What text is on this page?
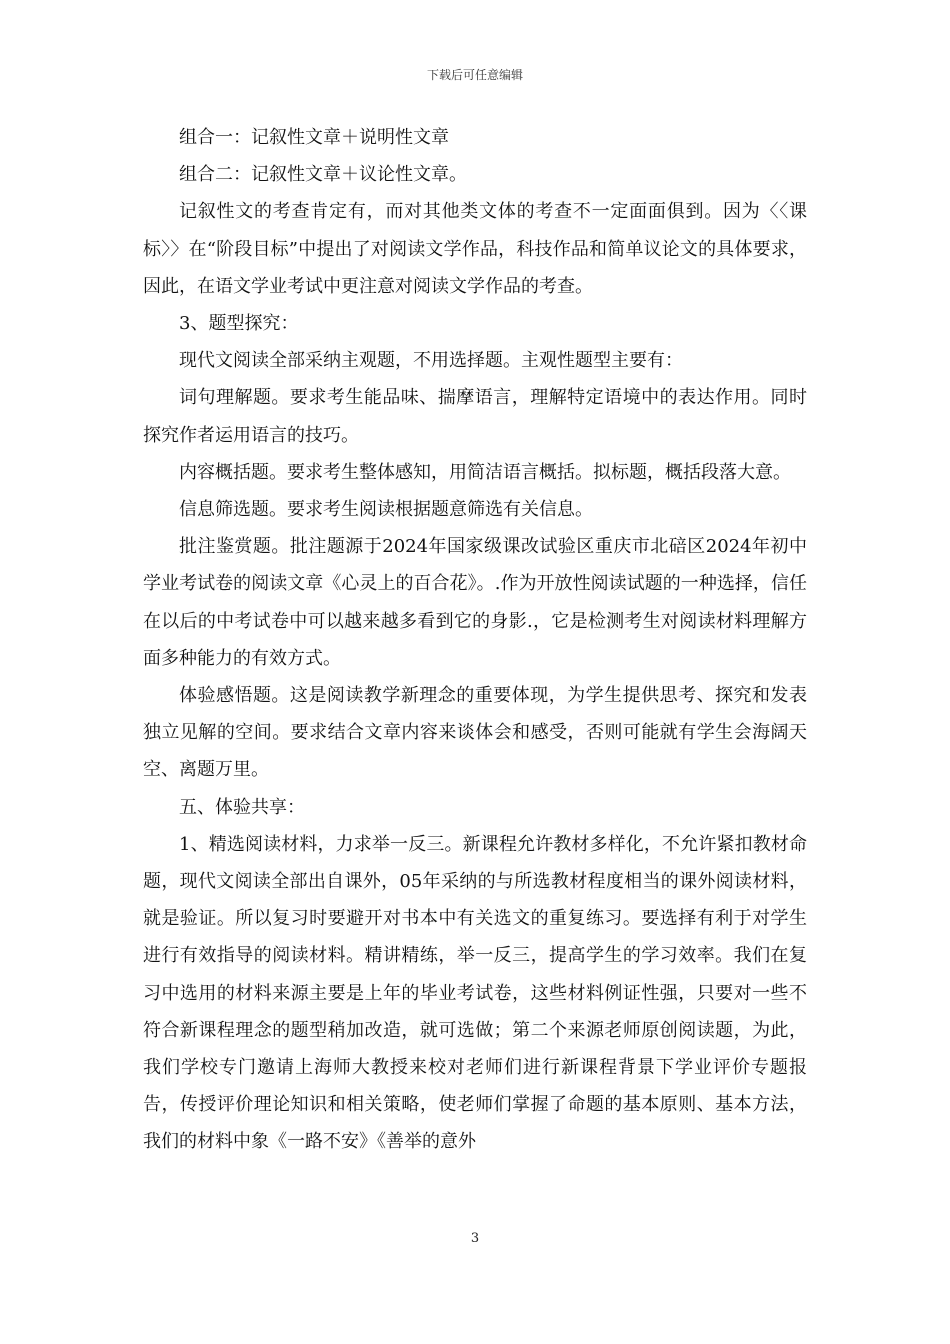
下载后可任意编辑

组合一：记叙性文章＋说明性文章

组合二：记叙性文章＋议论性文章。

记叙性文的考查肯定有，而对其他类文体的考查不一定面面俱到。因为〈〈课标〉〉在“阶段目标”中提出了对阅读文学作品，科技作品和简单议论文的具体要求，因此，在语文学业考试中更注意对阅读文学作品的考查。

3、题型探究：

现代文阅读全部采纳主观题，不用选择题。主观性题型主要有：

词句理解题。要求考生能品味、揣摩语言，理解特定语境中的表达作用。同时探究作者运用语言的技巧。

内容概括题。要求考生整体感知，用简洁语言概括。拟标题，概括段落大意。

信息筛选题。要求考生阅读根据题意筛选有关信息。

批注鉴赏题。批注题源于2024年国家级课改试验区重庆市北碚区2024年初中学业考试卷的阅读文章《心灵上的百合花》。.作为开放性阅读试题的一种选择，信任在以后的中考试卷中可以越来越多看到它的身影.，它是检测考生对阅读材料理解方面多种能力的有效方式。

体验感悟题。这是阅读教学新理念的重要体现，为学生提供思考、探究和发表独立见解的空间。要求结合文章内容来谈体会和感受，否则可能就有学生会海阔天空、离题万里。

五、体验共享：

1、精选阅读材料，力求举一反三。新课程允许教材多样化，不允许紧扣教材命题，现代文阅读全部出自课外，05年采纳的与所选教材程度相当的课外阅读材料，就是验证。所以复习时要避开对书本中有关选文的重复练习。要选择有利于对学生进行有效指导的阅读材料。精讲精练，举一反三，提高学生的学习效率。我们在复习中选用的材料来源主要是上年的毕业考试卷，这些材料例证性强，只要对一些不符合新课程理念的题型稍加改造，就可选做；第二个来源老师原创阅读题，为此，我们学校专门邀请上海师大教授来校对老师们进行新课程背景下学业评价专题报告，传授评价理论知识和相关策略，使老师们掌握了命题的基本原则、基本方法，我们的材料中象《一路不安》《善举的意外

3
